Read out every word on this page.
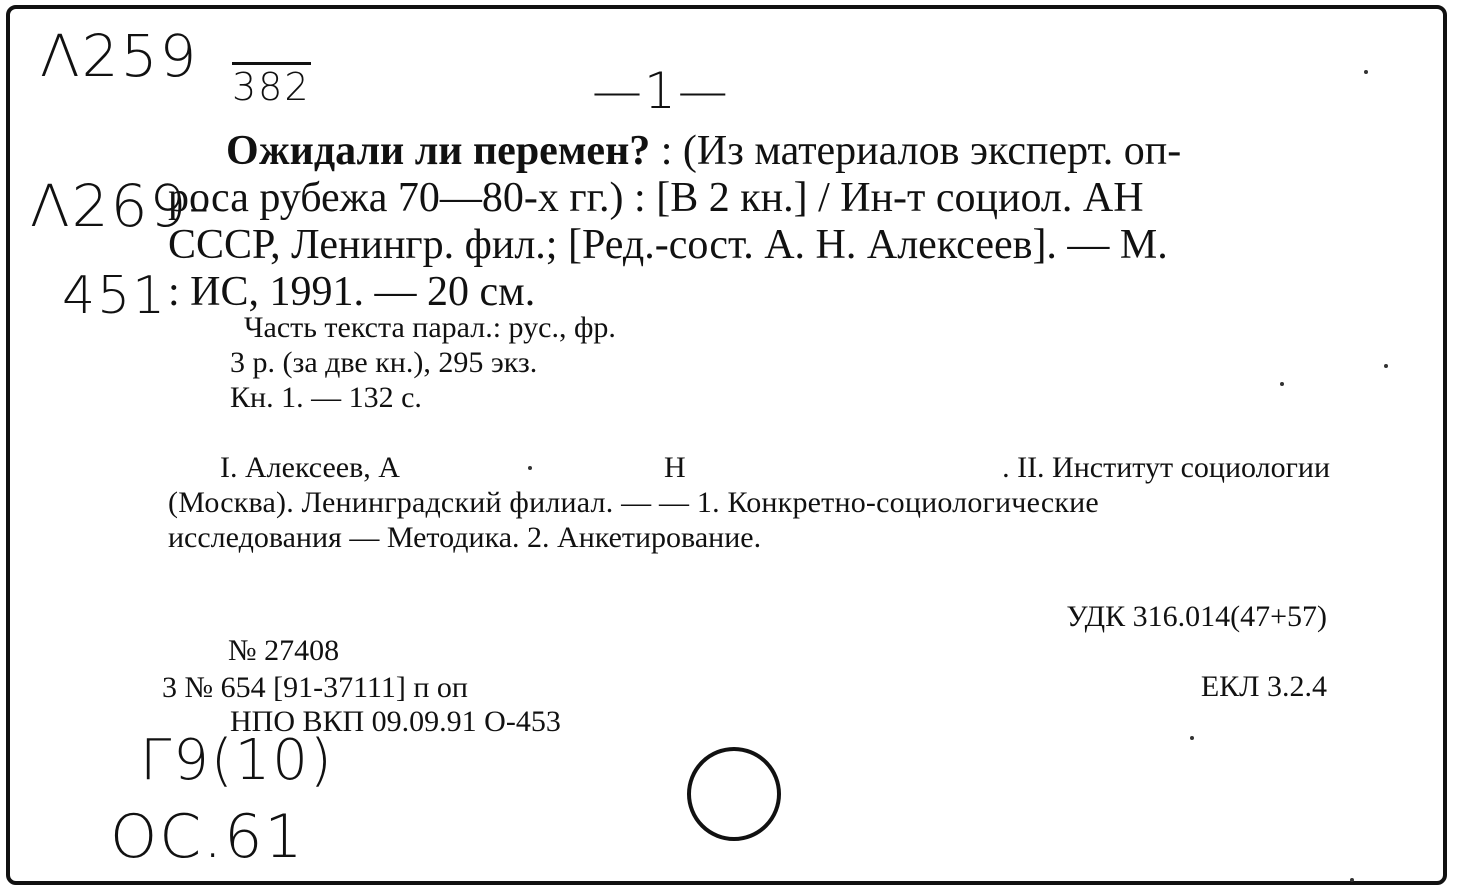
Λ259 382	—1—
Λ269-
451
Γ9(10)
OC.61
Ожидали ли перемен? : (Из материалов эксперт. оп-
роса рубежа 70—80-х гг.) : [В 2 кн.] / Ин-т социол. АН
СССР, Ленингр. фил.; [Ред.-сост. А. Н. Алексеев]. — М.
: ИС, 1991. — 20 см.
Часть текста парал.: рус., фр.
3 р. (за две кн.), 295 экз.
Кн. 1. — 132 с.
I. Алексеев, А	Н	. II. Институт социологии
(Москва). Ленинградский филиал. — — 1. Конкретно-социологические
исследования — Методика. 2. Анкетирование.
УДК 316.014(47+57)
ЕКЛ 3.2.4
№ 27408
3 № 654 [91-37111] п оп
НПО ВКП 09.09.91 О-453
